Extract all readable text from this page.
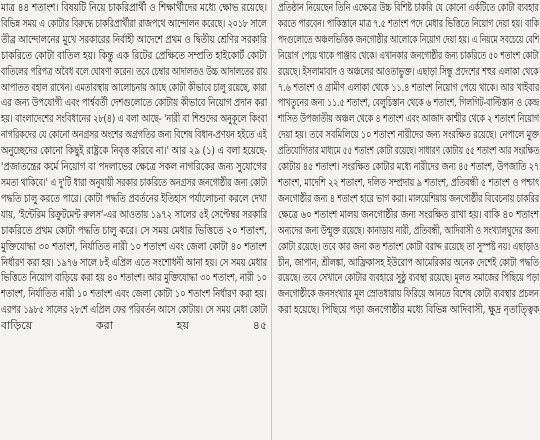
মাত্র ৪৪ শতাংশ। বিষয়টি নিয়ে চাকরিপ্রার্থী ও শিক্ষার্থীদের মধ্যে ক্ষোভ রয়েছে।
বিভিন্ন সময় এ কোটার বিরুদ্ধে চাকরিপ্রার্থীরা রাজপথে আন্দোলন করেছে। ২০১৮ সালে
তীব্র আন্দোলনের মুখে সরকারের নির্বাহী আদেশে প্রথম ও দ্বিতীয় শ্রেণির সরকারি
চাকরিতে কোটা বাতিল হয়। কিন্তু এক রিটের প্রেক্ষিতে সম্প্রতি হাইকোর্ট কোটা
বাতিলের পরিপত্র অবৈধ বলে ঘোষণা করেন। তবে চেম্বার আদালতও উচ্চ আদালতের রায়
আপাতত বহাল রাখেন। এমতাবস্থায় আলোচনায় আছে কোটা কীভাবে চালু রয়েছে, কারা
এর জন্য উপযোগী এবং পার্শ্ববর্তী দেশগুলোতে কোটায় কীভাবে নিয়োগ প্রদান করা
হয়। বাংলাদেশের সংবিধানের ২৮(৪) এ বলা আছে- 'নারী বা শিশুদের অনুকূলে কিংবা
নাগরিকদের যে কোনো অনগ্রসর অংশের অগ্রগতির জন্য বিশেষ বিধান-প্রণয়ন হইতে এই
অনুচ্ছেদের কোনো কিছুই রাষ্ট্রকে নিবৃত্ত করিবে না।' আর ২৯ (১) এ বলা হয়েছে-
'প্রজাতন্ত্রের কর্মে নিয়োগ বা পদলাভের ক্ষেত্রে সকল নাগরিকের জন্য সুযোগের
সমতা থাকিবে।' এ দু'টি ধারা অনুযায়ী সরকার চাকরিতে অনগ্রসর জনগোষ্ঠীর জন্য কোটা
পদ্ধতি চালু করতে পারে। কোটা পদ্ধতি প্রবর্তনের ইতিহাস পর্যালোচনা করলে দেখা
যায়, 'ইন্টেরিম রিক্রুটমেন্ট রুলস'-এর আওতায় ১৯৭২ সালের ৫ই সেপ্টেম্বর সরকারি
চাকরিতে প্রথম কোটা পদ্ধতি চালু করে। সে সময় মেধার ভিত্তিতে ২০ শতাংশ,
মুক্তিযোদ্ধা ৩০ শতাংশ, নির্যাতিত নারী ১০ শতাংশ এবং জেলা কোটা ৪০ শতাংশ
নির্ধারণ করা হয়। ১৯৭৬ সালে ৮ই এপ্রিল এতে সংশোধনী আনা হয়। সে সময় মেধার
ভিত্তিতে নিয়োগ বাড়িয়ে করা হয় ৪০ শতাংশ। আর মুক্তিযোদ্ধা ৩০ শতাংশ, নারী ১০
শতাংশ, নির্যাতিত নারী ১০ শতাংশ এবং জেলা কোটা ১০ শতাংশ নির্ধারণ করা হয়।
এরপর ১৯৮৫ সালের ২৮শে এপ্রিল ফের পরিবর্তন আসে কোটায়। সে সময় মেধা কোটা
বাড়িয়ে করা হয় ৪৫
প্রতিষ্ঠান নিয়েছেন তিনি এক্ষেত্রে উচ্চ বিশিষ্ট চাকরি যে কোনো এর্কটিতে কোটা ব্যবহার
করতে পারবেন। পাকিস্তানে মাত্র ৭.৫ শতাংশ পদে মেধার ভিত্তিতে নিয়োগ দেয়া হয়। বাকি
পদগুলোতে অঞ্চলভিত্তিক জনগোষ্ঠীর আলোকে নিয়োগ দেয়া হয়। এ নিয়মে সবচেয়ে বেশি
নিয়োগ পেয়ে থাকে পাঞ্জাব থেকে। এখানকার জনগোষ্ঠীর জন্য চাকরিতে ৫০ শতাংশ কোটা
রয়েছে। ইসলামাবাদ ও অঞ্চলের আওতাভুক্ত। এছাড়া সিন্ধু প্রদেশের শহুর এলাকা থেকে
৭.৬ শতাংশ ও গ্রামীণ এলাকা থেকে ১১.৪ শতাংশ নিয়োগ পেয়ে থাকে। আর খাইবার
পাখতুনের জন্য ১১.৫ শতাংশ, বেলুচিস্তান থেকে ৬ শতাংশ, গিলগিট-বাল্টিস্তান ও কেন্দ্র
শাসিত উপজাতীয় অঞ্চল থেকে ৪ শতাংশ এবং আজাদ কাশ্মীর থেকে ২ শতাংশ নিয়োগ
দেয়া হয়। তবে সবমিলিয়ে ১০ শতাংশ নারীদের জন্য সংরক্ষিত রয়েছে। নেপালে মুক্ত
প্রতিযোগিতার মাধ্যমে ৫৫ শতাংশ কোটা রয়েছে। সাধারণ কোটায় ৫৫ শতাংশ আর সংরক্ষিত
কোটায় ৪৫ শতাংশ। সংরক্ষিত কোটার মধ্যে নারীদের জন্য ৪৫ শতাংশ, উপজাতি ২৭
শতাংশ, মাদেশি ২২ শতাংশ, দলিত সম্প্রদায় ৯ শতাংশ, প্রতিবন্ধী ৫ শতাংশ ও পশ্চাৎ
জনগোষ্ঠীর জন্য ৪ শতাংশ হারে ভাগ করা। মালয়েশিয়ায় জনগোষ্ঠীর বিবেচনায় চাকরির
ক্ষেত্রে ৬০ শতাংশ মালয় জনগোষ্ঠীর জন্য সংরক্ষিত রাখা হয়। বাকি ৪০ শতাংশ
অন্যদের জন্য উন্মুক্ত রয়েছে। কানাডায় নারী, প্রতিবন্ধী, আদিবাসী ও সংখ্যালঘুদের জন্য
কোটা রয়েছে। তবে কার জন্য কত শতাংশ কোটা বরাদ্দ রয়েছে তা সুস্পষ্ট নয়। এছাড়াও
চীন, জাপান, শ্রীলঙ্কা, আফ্রিকাসহ ইউরোপ আমেরিকার অনেক দেশেই কোটা পদ্ধতি
রয়েছে। তবে সেখানে কোটার ব্যবহারে সুষ্ঠু ব্যবস্থা রয়েছে। মূলত সমাজের পিছিয়ে পড়া
জনগোষ্ঠীকে জনসংখ্যার মূল স্রোতধারায় ফিরিয়ে আনতে বিশেষ কোটা ব্যবস্থার প্রচলন
করা হয়েছে। পিছিয়ে পড়া জনগোষ্ঠীর মধ্যে বিভিন্ন আদিবাসী, ক্ষুদ্র নৃতাত্ত্বিক
